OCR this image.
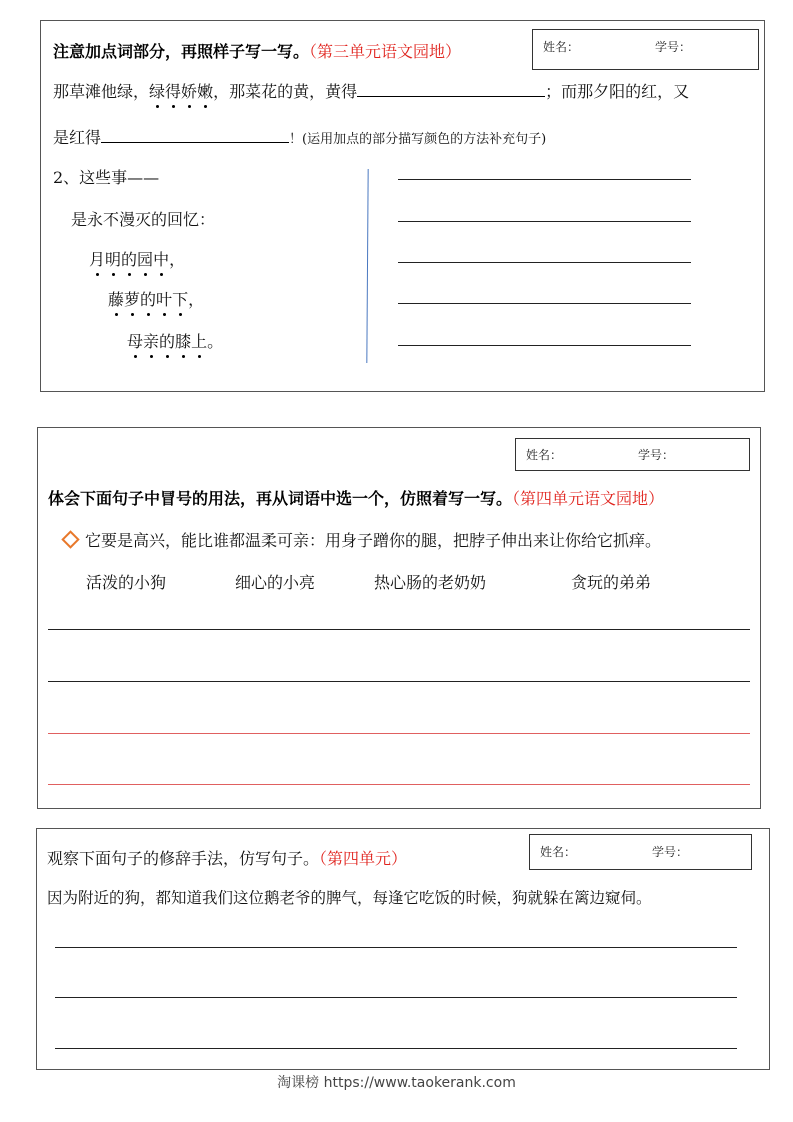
注意加点词部分，再照样子写一写。（第三单元语文园地）	姓名：	学号：
那草滩他绿，绿得娇嫩，那菜花的黄，黄得	；而那夕阳的红，又
是红得	！(运用加点的部分描写颜色的方法补充句子)
2、这些事——
是永不漫灭的回忆：
月明的园中，
藤萝的叶下，
母亲的膝上。
姓名：	学号：
体会下面句子中冒号的用法，再从词语中选一个，仿照着写一写。（第四单元语文园地）
它要是高兴，能比谁都温柔可亲：用身子蹭你的腿，把脖子伸出来让你给它抓痒。
活泼的小狗	细心的小亮	热心肠的老奶奶	贪玩的弟弟
观察下面句子的修辞手法，仿写句子。（第四单元）	姓名：	学号：
因为附近的狗，都知道我们这位鹅老爷的脾气，每逢它吃饭的时候，狗就躲在篱边窥伺。
淘课榜 https://www.taokerank.com
